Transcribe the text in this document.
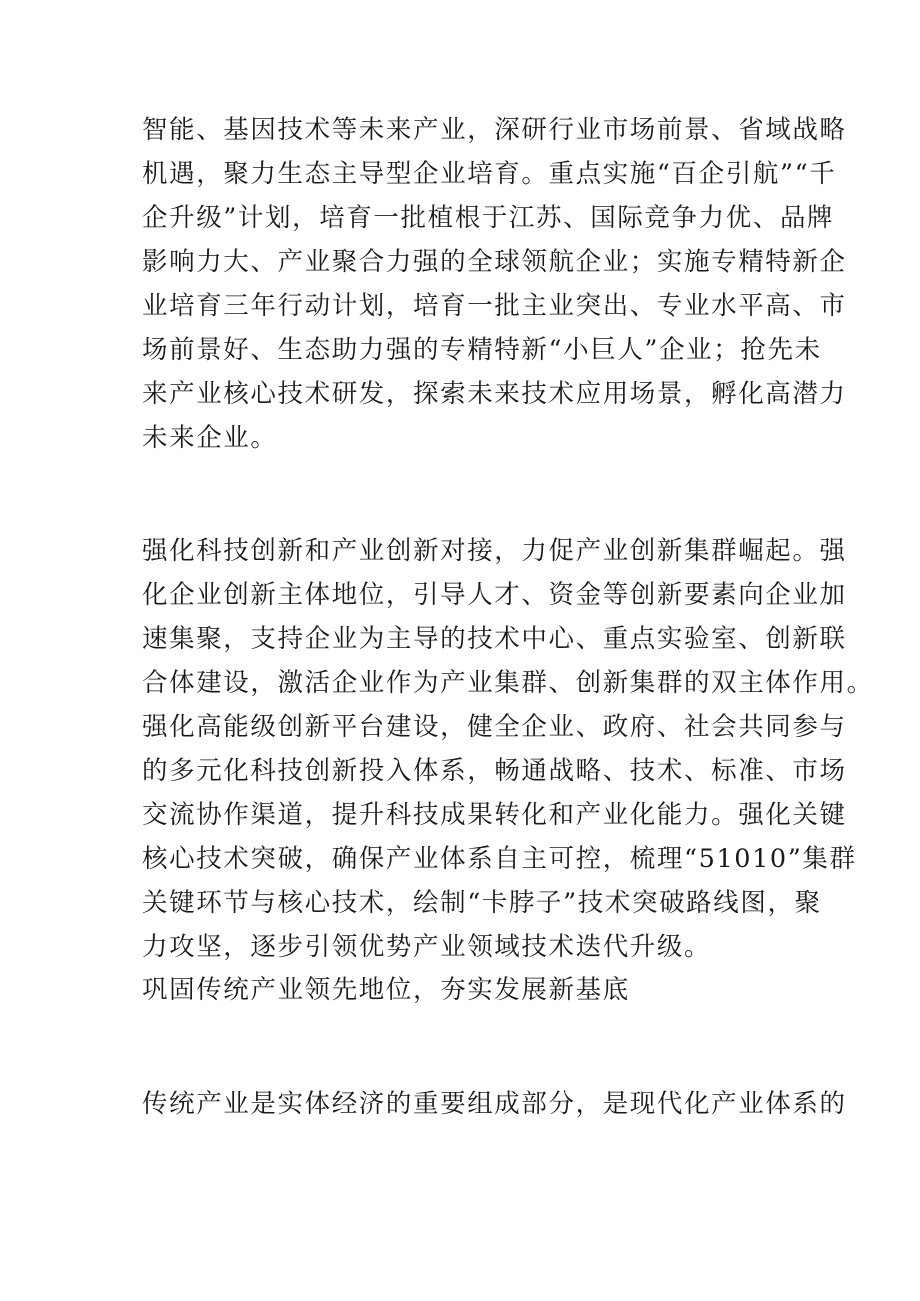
智能、基因技术等未来产业，深研行业市场前景、省域战略
机遇，聚力生态主导型企业培育。重点实施“百企引航”“千
企升级”计划，培育一批植根于江苏、国际竞争力优、品牌
影响力大、产业聚合力强的全球领航企业；实施专精特新企
业培育三年行动计划，培育一批主业突出、专业水平高、市
场前景好、生态助力强的专精特新“小巨人”企业；抢先未
来产业核心技术研发，探索未来技术应用场景，孵化高潜力
未来企业。
强化科技创新和产业创新对接，力促产业创新集群崛起。强
化企业创新主体地位，引导人才、资金等创新要素向企业加
速集聚，支持企业为主导的技术中心、重点实验室、创新联
合体建设，激活企业作为产业集群、创新集群的双主体作用。
强化高能级创新平台建设，健全企业、政府、社会共同参与
的多元化科技创新投入体系，畅通战略、技术、标准、市场
交流协作渠道，提升科技成果转化和产业化能力。强化关键
核心技术突破，确保产业体系自主可控，梳理“51010”集群
关键环节与核心技术，绘制“卡脖子”技术突破路线图，聚
力攻坚，逐步引领优势产业领域技术迭代升级。
巩固传统产业领先地位，夯实发展新基底
传统产业是实体经济的重要组成部分，是现代化产业体系的
